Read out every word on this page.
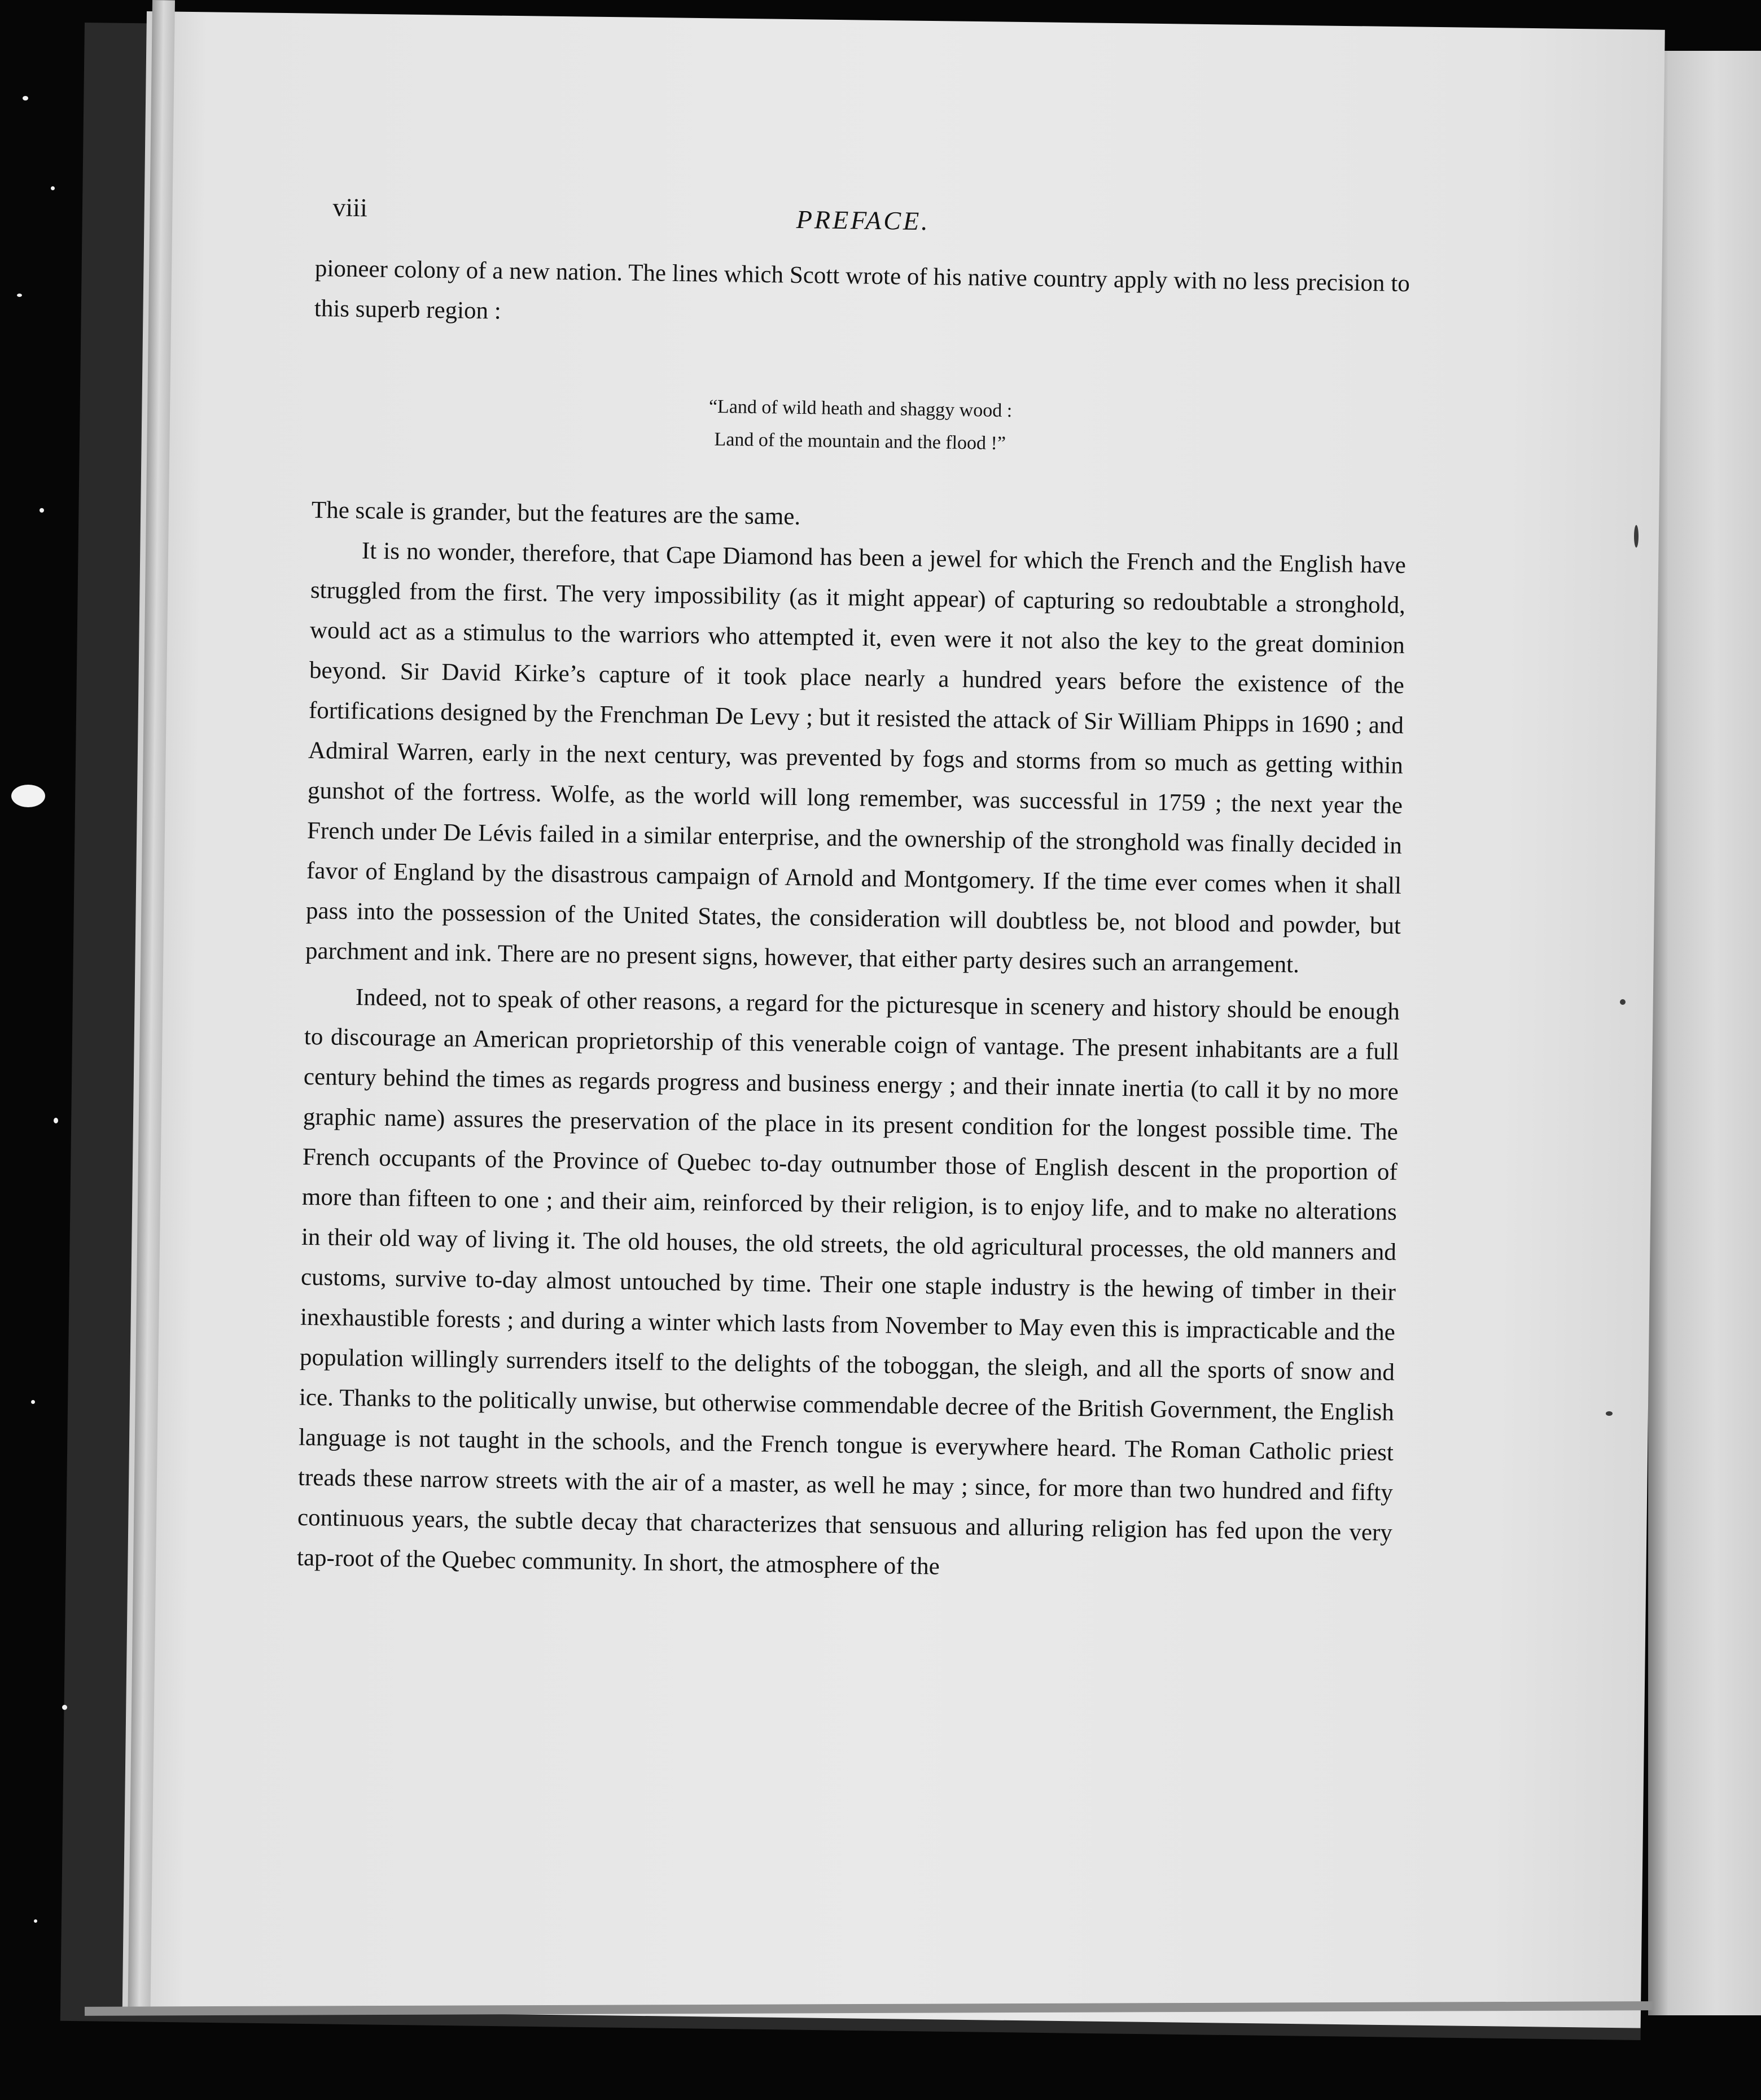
viii	PREFACE.

pioneer colony of a new nation. The lines which Scott wrote of his native country apply with no less precision to this superb region :

“Land of wild heath and shaggy wood :
Land of the mountain and the flood !”

The scale is grander, but the features are the same.

It is no wonder, therefore, that Cape Diamond has been a jewel for which the French and the English have struggled from the first. The very impossibility (as it might appear) of capturing so redoubtable a stronghold, would act as a stimulus to the warriors who attempted it, even were it not also the key to the great dominion beyond. Sir David Kirke’s capture of it took place nearly a hundred years before the existence of the fortifications designed by the Frenchman De Levy ; but it resisted the attack of Sir William Phipps in 1690 ; and Admiral Warren, early in the next century, was prevented by fogs and storms from so much as getting within gunshot of the fortress. Wolfe, as the world will long remember, was successful in 1759 ; the next year the French under De Lévis failed in a similar enterprise, and the ownership of the stronghold was finally decided in favor of England by the disastrous campaign of Arnold and Montgomery. If the time ever comes when it shall pass into the possession of the United States, the consideration will doubtless be, not blood and powder, but parchment and ink. There are no present signs, however, that either party desires such an arrangement.

Indeed, not to speak of other reasons, a regard for the picturesque in scenery and history should be enough to discourage an American proprietorship of this venerable coign of vantage. The present inhabitants are a full century behind the times as regards progress and business energy ; and their innate inertia (to call it by no more graphic name) assures the preservation of the place in its present condition for the longest possible time. The French occupants of the Province of Quebec to-day outnumber those of English descent in the proportion of more than fifteen to one ; and their aim, reinforced by their religion, is to enjoy life, and to make no alterations in their old way of living it. The old houses, the old streets, the old agricultural processes, the old manners and customs, survive to-day almost untouched by time. Their one staple industry is the hewing of timber in their inexhaustible forests ; and during a winter which lasts from November to May even this is impracticable and the population willingly surrenders itself to the delights of the toboggan, the sleigh, and all the sports of snow and ice. Thanks to the politically unwise, but otherwise commendable decree of the British Government, the English language is not taught in the schools, and the French tongue is everywhere heard. The Roman Catholic priest treads these narrow streets with the air of a master, as well he may ; since, for more than two hundred and fifty continuous years, the subtle decay that characterizes that sensuous and alluring religion has fed upon the very tap-root of the Quebec community. In short, the atmosphere of the
